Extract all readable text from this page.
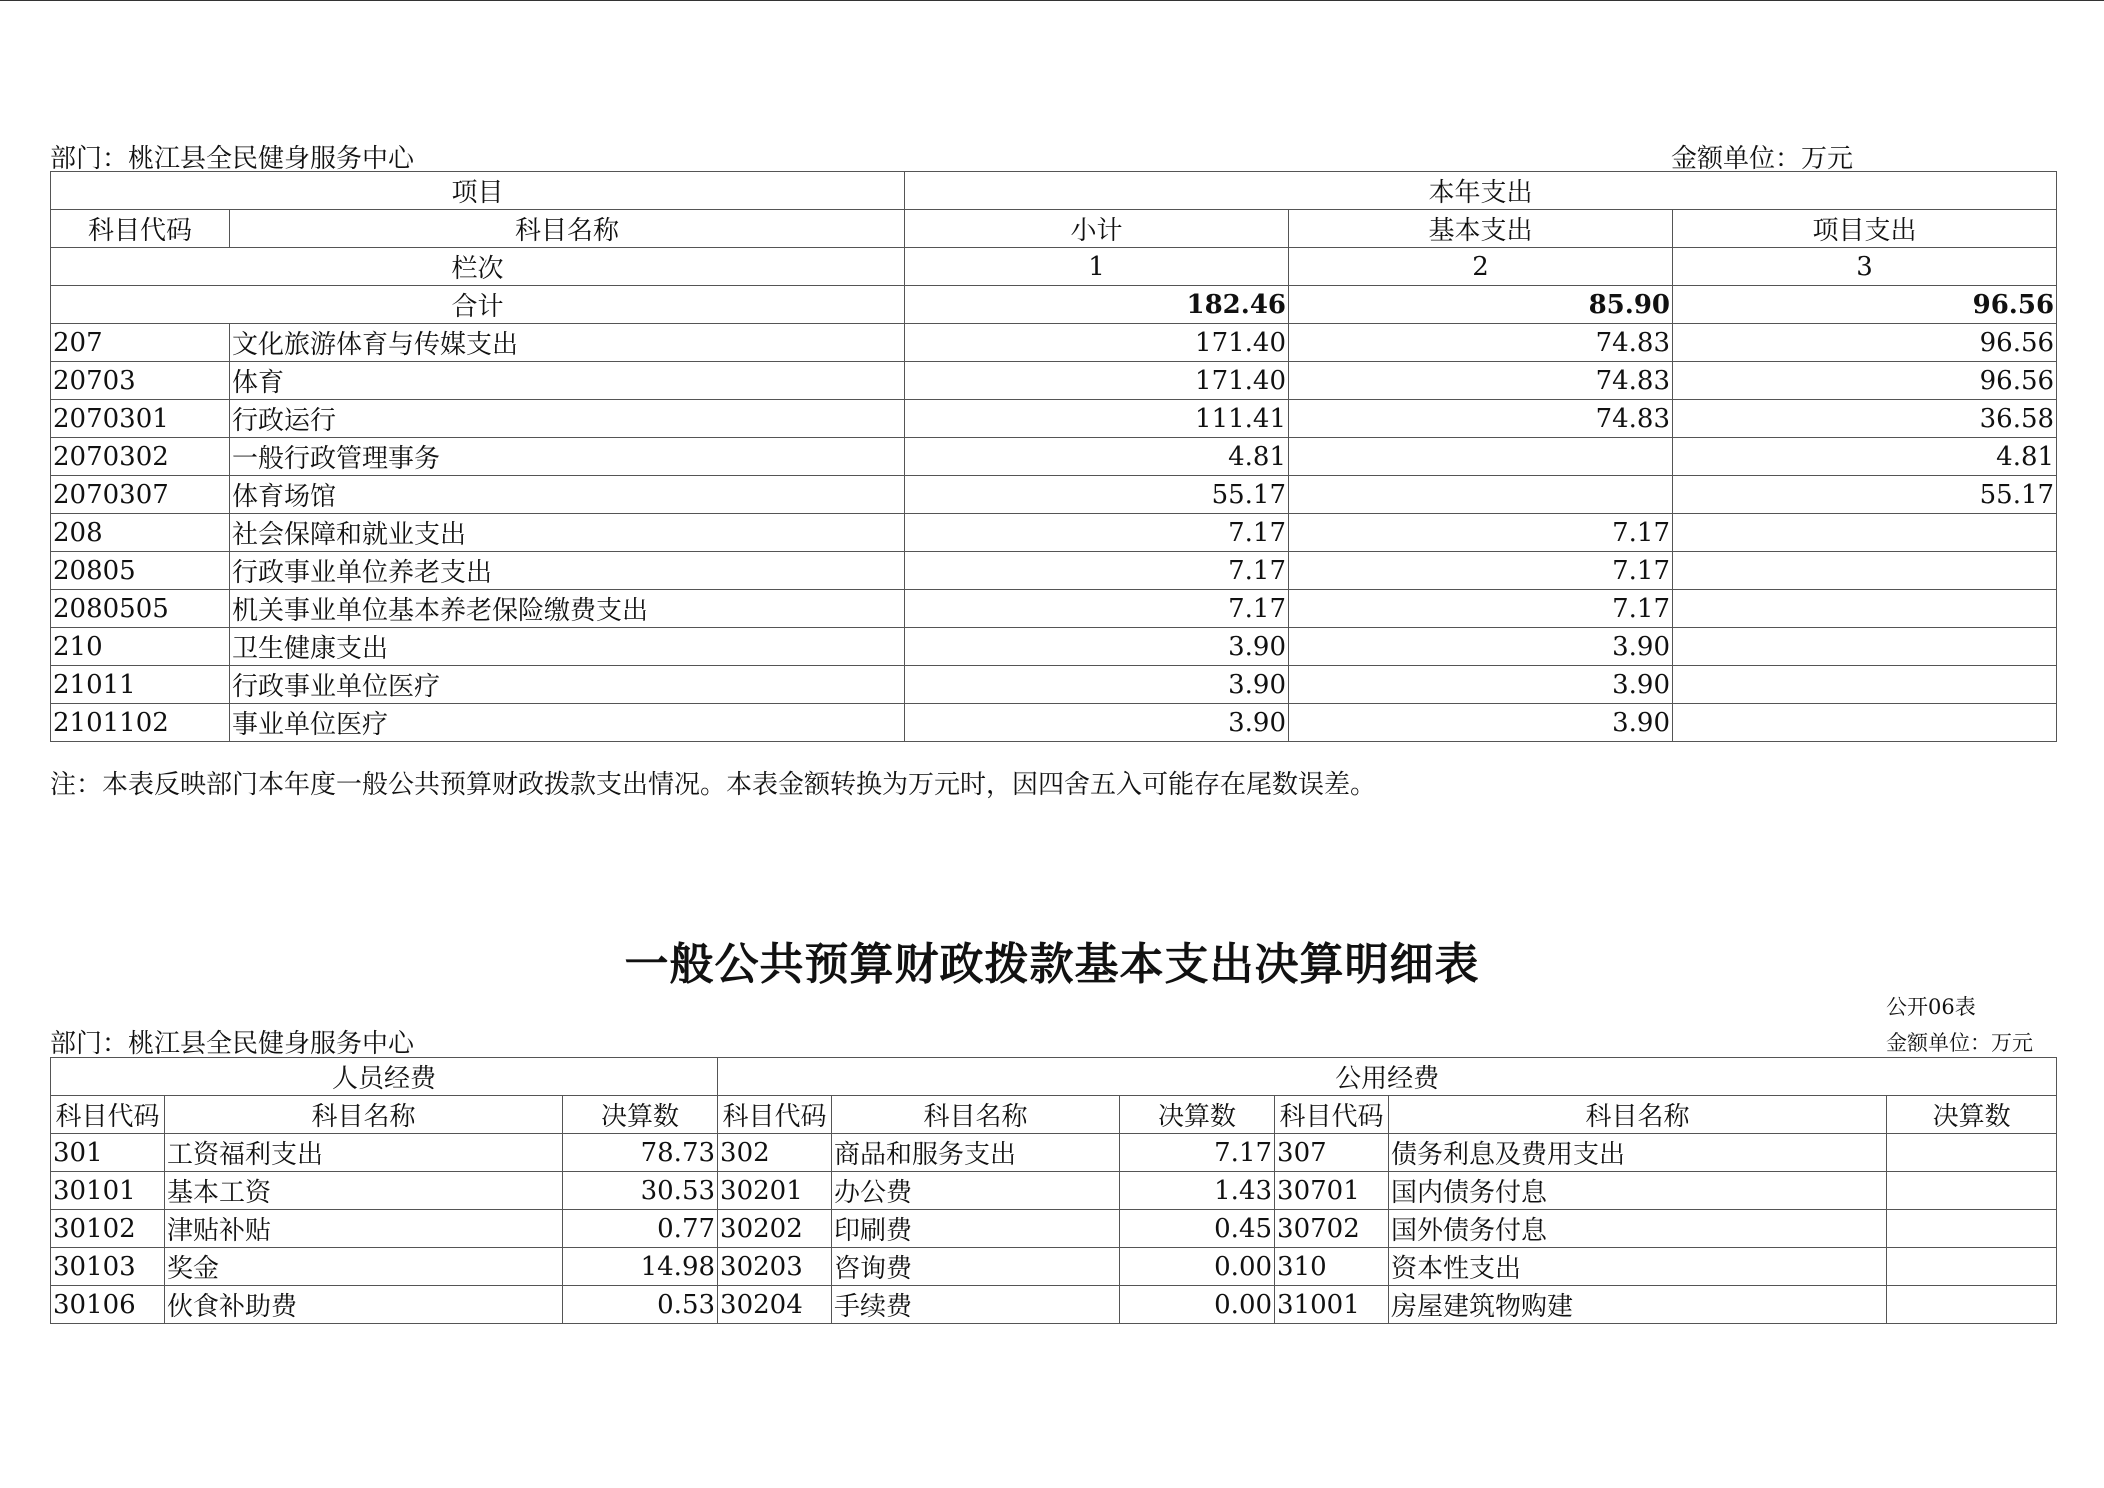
部门：桃江县全民健身服务中心	金额单位：万元
项目		本年支出		
科目代码	科目名称	小计	基本支出	项目支出
栏次		1	2	3
合计		182.46	85.90	96.56
207	文化旅游体育与传媒支出	171.40	74.83	96.56
20703	体育	171.40	74.83	96.56
2070301	行政运行	111.41	74.83	36.58
2070302	一般行政管理事务	4.81		4.81
2070307	体育场馆	55.17		55.17
208	社会保障和就业支出	7.17	7.17	
20805	行政事业单位养老支出	7.17	7.17	
2080505	机关事业单位基本养老保险缴费支出	7.17	7.17	
210	卫生健康支出	3.90	3.90	
21011	行政事业单位医疗	3.90	3.90	
2101102	事业单位医疗	3.90	3.90	
注：本表反映部门本年度一般公共预算财政拨款支出情况。本表金额转换为万元时，因四舍五入可能存在尾数误差。
一般公共预算财政拨款基本支出决算明细表
公开06表
部门：桃江县全民健身服务中心	金额单位：万元
人员经费			公用经费					
科目代码	科目名称	决算数	科目代码	科目名称	决算数	科目代码	科目名称	决算数
301	工资福利支出	78.73	302	商品和服务支出	7.17	307	债务利息及费用支出	
30101	基本工资	30.53	30201	办公费	1.43	30701	国内债务付息	
30102	津贴补贴	0.77	30202	印刷费	0.45	30702	国外债务付息	
30103	奖金	14.98	30203	咨询费	0.00	310	资本性支出	
30106	伙食补助费	0.53	30204	手续费	0.00	31001	房屋建筑物购建	
